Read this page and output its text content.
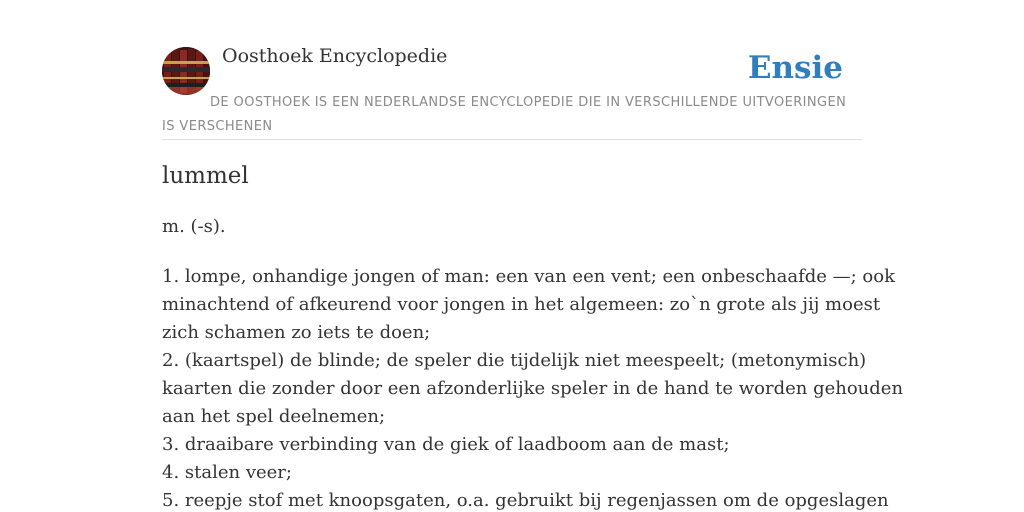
Oosthoek Encyclopedie	Ensie
DE OOSTHOEK IS EEN NEDERLANDSE ENCYCLOPEDIE DIE IN VERSCHILLENDE UITVOERINGEN IS VERSCHENEN
lummel

m. (-s).

1. lompe, onhandige jongen of man: een van een vent; een onbeschaafde —; ook
minachtend of afkeurend voor jongen in het algemeen: zo`n grote als jij moest
zich schamen zo iets te doen;
2. (kaartspel) de blinde; de speler die tijdelijk niet meespeelt; (metonymisch)
kaarten die zonder door een afzonderlijke speler in de hand te worden gehouden
aan het spel deelnemen;
3. draaibare verbinding van de giek of laadboom aan de mast;
4. stalen veer;
5. reepje stof met knoopsgaten, o.a. gebruikt bij regenjassen om de opgeslagen
